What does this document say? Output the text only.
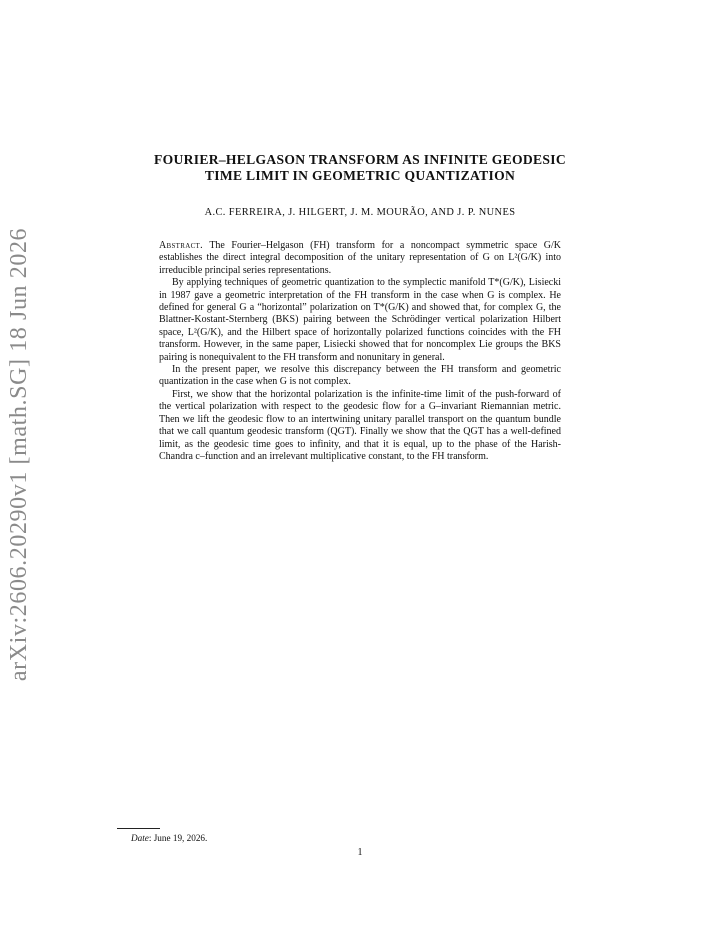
arXiv:2606.20290v1 [math.SG] 18 Jun 2026
FOURIER–HELGASON TRANSFORM AS INFINITE GEODESIC
TIME LIMIT IN GEOMETRIC QUANTIZATION
A.C. FERREIRA, J. HILGERT, J. M. MOURÃO, AND J. P. NUNES

Abstract. The Fourier–Helgason (FH) transform for a noncompact symmetric space G/K establishes the direct integral decomposition of the unitary representation of G on L²(G/K) into irreducible principal series representations.

By applying techniques of geometric quantization to the symplectic manifold T*(G/K), Lisiecki in 1987 gave a geometric interpretation of the FH transform in the case when G is complex. He defined for general G a “horizontal” polarization on T*(G/K) and showed that, for complex G, the Blattner-Kostant-Sternberg (BKS) pairing between the Schrödinger vertical polarization Hilbert space, L²(G/K), and the Hilbert space of horizontally polarized functions coincides with the FH transform. However, in the same paper, Lisiecki showed that for noncomplex Lie groups the BKS pairing is nonequivalent to the FH transform and nonunitary in general.

In the present paper, we resolve this discrepancy between the FH transform and geometric quantization in the case when G is not complex.

First, we show that the horizontal polarization is the infinite-time limit of the push-forward of the vertical polarization with respect to the geodesic flow for a G–invariant Riemannian metric. Then we lift the geodesic flow to an intertwining unitary parallel transport on the quantum bundle that we call quantum geodesic transform (QGT). Finally we show that the QGT has a well-defined limit, as the geodesic time goes to infinity, and that it is equal, up to the phase of the Harish-Chandra c–function and an irrelevant multiplicative constant, to the FH transform.

Date: June 19, 2026.
1
